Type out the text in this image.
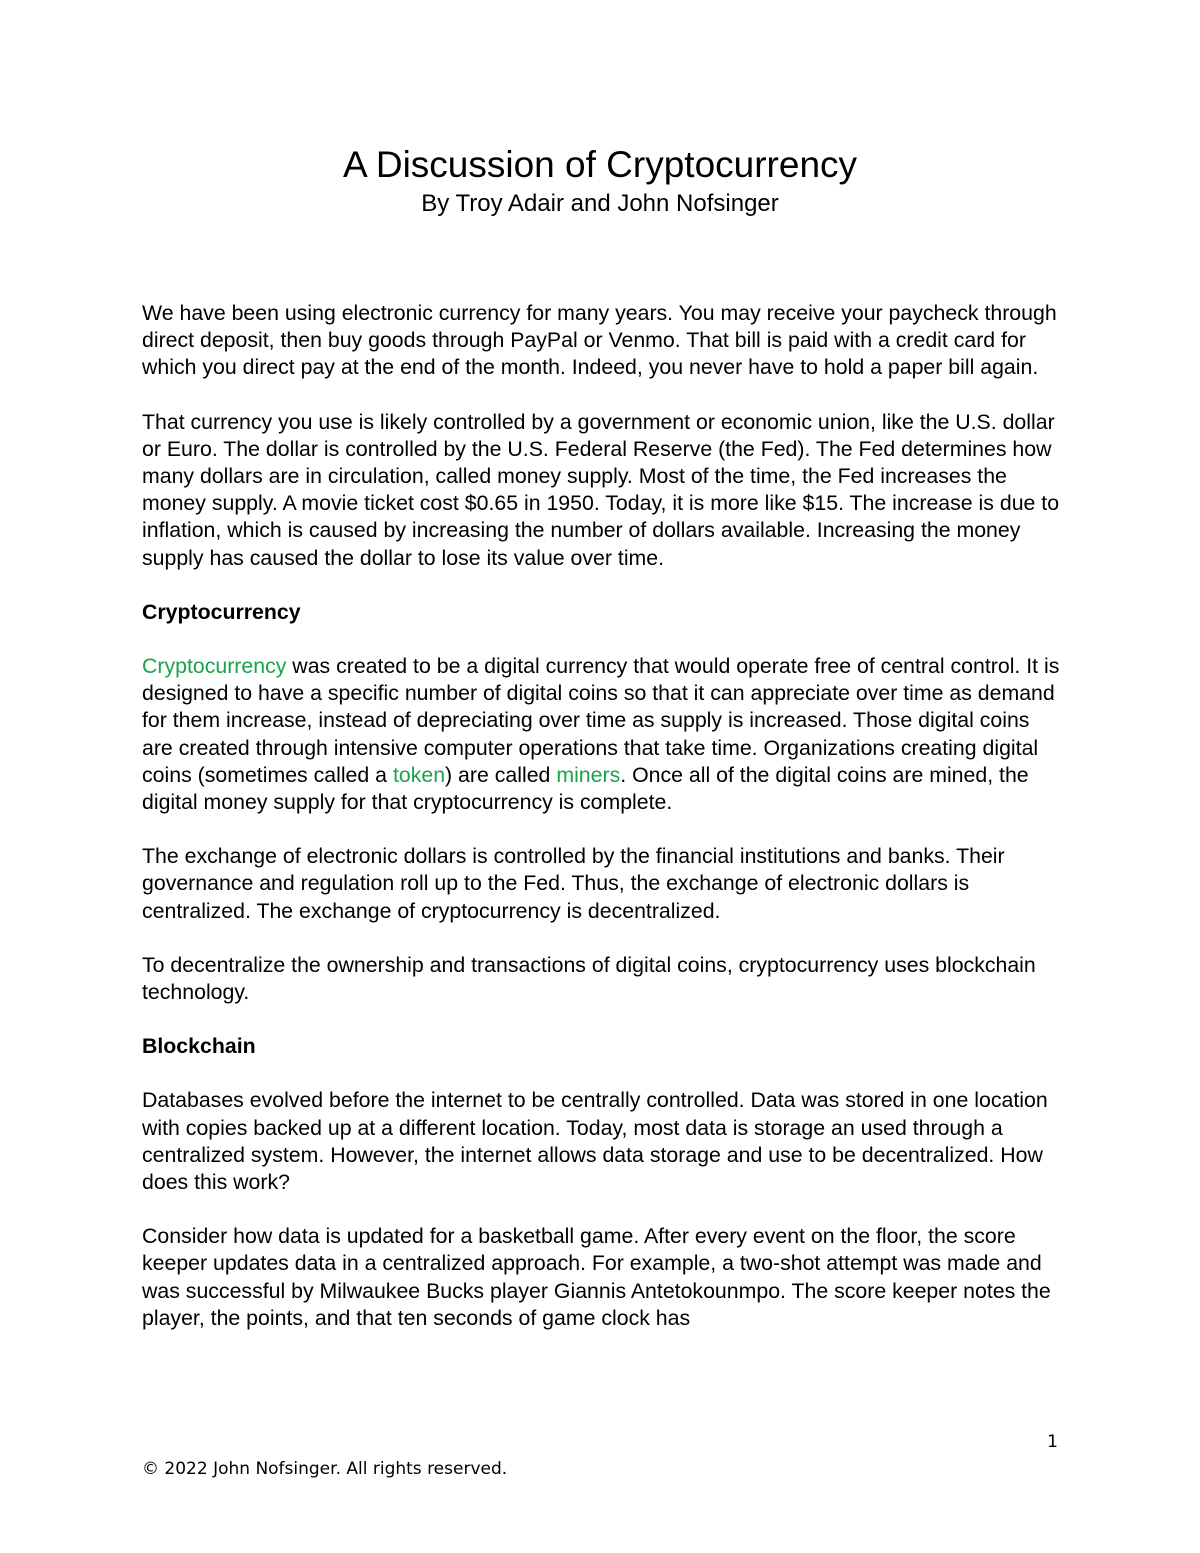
A Discussion of Cryptocurrency
By Troy Adair and John Nofsinger

We have been using electronic currency for many years. You may receive your paycheck through direct deposit, then buy goods through PayPal or Venmo. That bill is paid with a credit card for which you direct pay at the end of the month. Indeed, you never have to hold a paper bill again.

That currency you use is likely controlled by a government or economic union, like the U.S. dollar or Euro. The dollar is controlled by the U.S. Federal Reserve (the Fed). The Fed determines how many dollars are in circulation, called money supply. Most of the time, the Fed increases the money supply. A movie ticket cost $0.65 in 1950. Today, it is more like $15. The increase is due to inflation, which is caused by increasing the number of dollars available. Increasing the money supply has caused the dollar to lose its value over time.

Cryptocurrency

Cryptocurrency was created to be a digital currency that would operate free of central control. It is designed to have a specific number of digital coins so that it can appreciate over time as demand for them increase, instead of depreciating over time as supply is increased. Those digital coins are created through intensive computer operations that take time. Organizations creating digital coins (sometimes called a token) are called miners. Once all of the digital coins are mined, the digital money supply for that cryptocurrency is complete.

The exchange of electronic dollars is controlled by the financial institutions and banks. Their governance and regulation roll up to the Fed. Thus, the exchange of electronic dollars is centralized. The exchange of cryptocurrency is decentralized.

To decentralize the ownership and transactions of digital coins, cryptocurrency uses blockchain technology.

Blockchain

Databases evolved before the internet to be centrally controlled. Data was stored in one location with copies backed up at a different location. Today, most data is storage an used through a centralized system. However, the internet allows data storage and use to be decentralized. How does this work?

Consider how data is updated for a basketball game. After every event on the floor, the score keeper updates data in a centralized approach. For example, a two-shot attempt was made and was successful by Milwaukee Bucks player Giannis Antetokounmpo. The score keeper notes the player, the points, and that ten seconds of game clock has

1
© 2022 John Nofsinger. All rights reserved.
